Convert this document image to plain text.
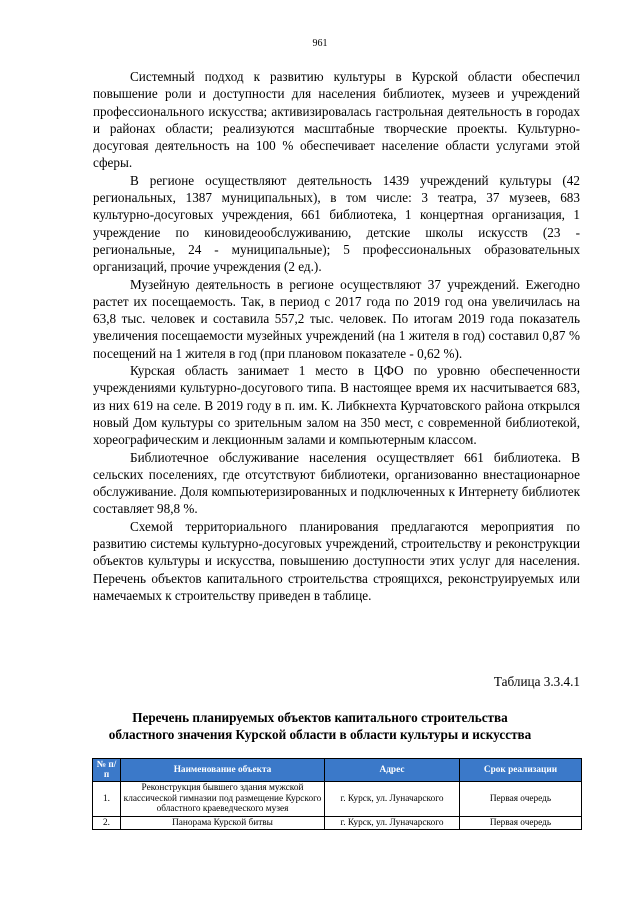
961

Системный подход к развитию культуры в Курской области обеспечил повышение роли и доступности для населения библиотек, музеев и учреждений профессионального искусства; активизировалась гастрольная деятельность в городах и районах области; реализуются масштабные творческие проекты. Культурно-досуговая деятельность на 100 % обеспечивает население области услугами этой сферы.

В регионе осуществляют деятельность 1439 учреждений культуры (42 региональных, 1387 муниципальных), в том числе: 3 театра, 37 музеев, 683 культурно-досуговых учреждения, 661 библиотека, 1 концертная организация, 1 учреждение по киновидеообслуживанию, детские школы искусств (23 - региональные, 24 - муниципальные); 5 профессиональных образовательных организаций, прочие учреждения (2 ед.).

Музейную деятельность в регионе осуществляют 37 учреждений. Ежегодно растет их посещаемость. Так, в период с 2017 года по 2019 год она увеличилась на 63,8 тыс. человек и составила 557,2 тыс. человек. По итогам 2019 года показатель увеличения посещаемости музейных учреждений (на 1 жителя в год) составил 0,87 % посещений на 1 жителя в год (при плановом показателе - 0,62 %).

Курская область занимает 1 место в ЦФО по уровню обеспеченности учреждениями культурно-досугового типа. В настоящее время их насчитывается 683, из них 619 на селе. В 2019 году в п. им. К. Либкнехта Курчатовского района открылся новый Дом культуры со зрительным залом на 350 мест, с современной библиотекой, хореографическим и лекционным залами и компьютерным классом.

Библиотечное обслуживание населения осуществляет 661 библиотека. В сельских поселениях, где отсутствуют библиотеки, организованно внестационарное обслуживание. Доля компьютеризированных и подключенных к Интернету библиотек составляет 98,8 %.

Схемой территориального планирования предлагаются мероприятия по развитию системы культурно-досуговых учреждений, строительству и реконструкции объектов культуры и искусства, повышению доступности этих услуг для населения. Перечень объектов капитального строительства строящихся, реконструируемых или намечаемых к строительству приведен в таблице.

Таблица 3.3.4.1

Перечень планируемых объектов капитального строительства
областного значения Курской области в области культуры и искусства
№ п/п	Наименование объекта	Адрес	Срок реализации
1.	Реконструкция бывшего здания мужской классической гимназии под размещение Курского областного краеведческого музея	г. Курск, ул. Луначарского	Первая очередь
2.	Панорама Курской битвы	г. Курск, ул. Луначарского	Первая очередь
